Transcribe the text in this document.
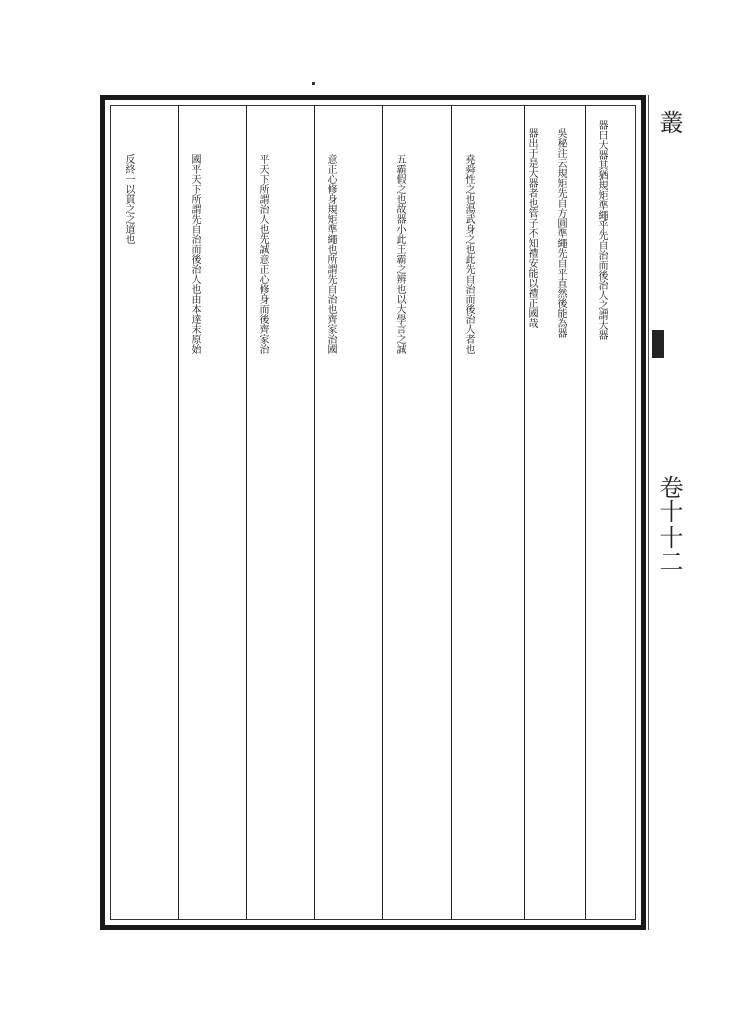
叢
卷十
十二
器曰大器其猶規矩準繩乎先自治而後治人之謂大器
吳秘注云規矩先自方圓準繩先自平直然後能為器
器出于是大器者也管子不知禮安能以禮正國哉
堯舜性之也湯武身之也此先自治而後治人者也
五霸假之也故器小此王霸之辨也以大學言之誠
意正心修身規矩準繩也所謂先自治也齊家治國
平天下所謂治人也先誠意正心修身而後齊家治
國平天下所謂先自治而後治人也由本達末原始
反終一以貫之之道也
